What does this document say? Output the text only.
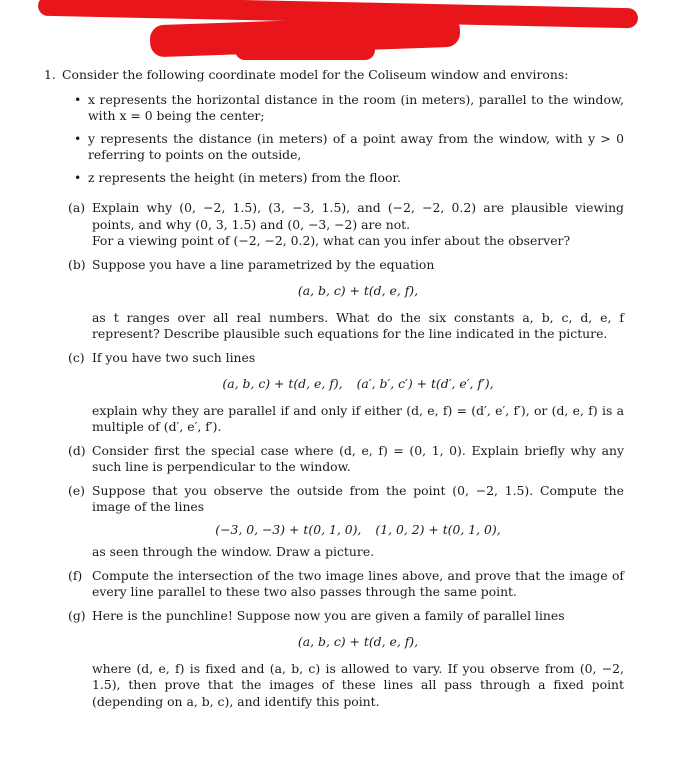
1. Consider the following coordinate model for the Coliseum window and environs:
• x represents the horizontal distance in the room (in meters), parallel to the window, with x = 0 being the center;
• y represents the distance (in meters) of a point away from the window, with y > 0 referring to points on the outside,
• z represents the height (in meters) from the floor.
(a) Explain why (0, −2, 1.5), (3, −3, 1.5), and (−2, −2, 0.2) are plausible viewing points, and why (0, 3, 1.5) and (0, −3, −2) are not.

For a viewing point of (−2, −2, 0.2), what can you infer about the observer?

(b) Suppose you have a line parametrized by the equation

(a, b, c) + t(d, e, f),

as t ranges over all real numbers. What do the six constants a, b, c, d, e, f represent? Describe plausible such equations for the line indicated in the picture.

(c) If you have two such lines

(a, b, c) + t(d, e, f), (a′, b′, c′) + t(d′, e′, f′),

explain why they are parallel if and only if either (d, e, f) = (d′, e′, f′), or (d, e, f) is a multiple of (d′, e′, f′).

(d) Consider first the special case where (d, e, f) = (0, 1, 0). Explain briefly why any such line is perpendicular to the window.

(e) Suppose that you observe the outside from the point (0, −2, 1.5). Compute the image of the lines

(−3, 0, −3) + t(0, 1, 0), (1, 0, 2) + t(0, 1, 0),

as seen through the window. Draw a picture.

(f) Compute the intersection of the two image lines above, and prove that the image of every line parallel to these two also passes through the same point.

(g) Here is the punchline! Suppose now you are given a family of parallel lines

(a, b, c) + t(d, e, f),

where (d, e, f) is fixed and (a, b, c) is allowed to vary. If you observe from (0, −2, 1.5), then prove that the images of these lines all pass through a fixed point (depending on a, b, c), and identify this point.
